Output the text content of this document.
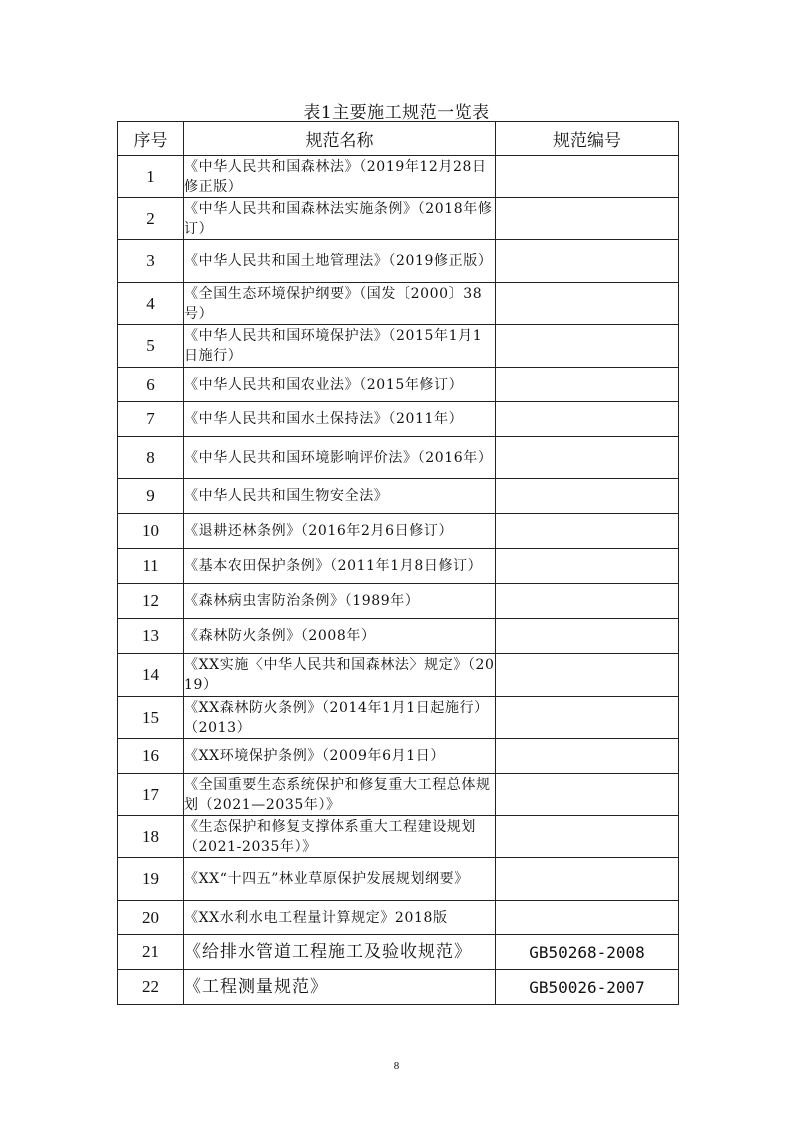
表1主要施工规范一览表
序号	规范名称	规范编号
1	《中华人民共和国森林法》（2019年12月28日修正版）	
2	《中华人民共和国森林法实施条例》（2018年修订）	
3	《中华人民共和国土地管理法》（2019修正版）	
4	《全国生态环境保护纲要》（国发〔2000〕38号）	
5	《中华人民共和国环境保护法》（2015年1月1日施行）	
6	《中华人民共和国农业法》（2015年修订）	
7	《中华人民共和国水土保持法》（2011年）	
8	《中华人民共和国环境影响评价法》（2016年）	
9	《中华人民共和国生物安全法》	
10	《退耕还林条例》（2016年2月6日修订）	
11	《基本农田保护条例》（2011年1月8日修订）	
12	《森林病虫害防治条例》（1989年）	
13	《森林防火条例》（2008年）	
14	《XX实施〈中华人民共和国森林法〉规定》（2019）	
15	《XX森林防火条例》（2014年1月1日起施行）（2013）	
16	《XX环境保护条例》（2009年6月1日）	
17	《全国重要生态系统保护和修复重大工程总体规划（2021—2035年）》	
18	《生态保护和修复支撑体系重大工程建设规划（2021-2035年）》	
19	《XX“十四五”林业草原保护发展规划纲要》	
20	《XX水利水电工程量计算规定》2018版	
21	《给排水管道工程施工及验收规范》	GB50268-2008
22	《工程测量规范》	GB50026-2007
8
